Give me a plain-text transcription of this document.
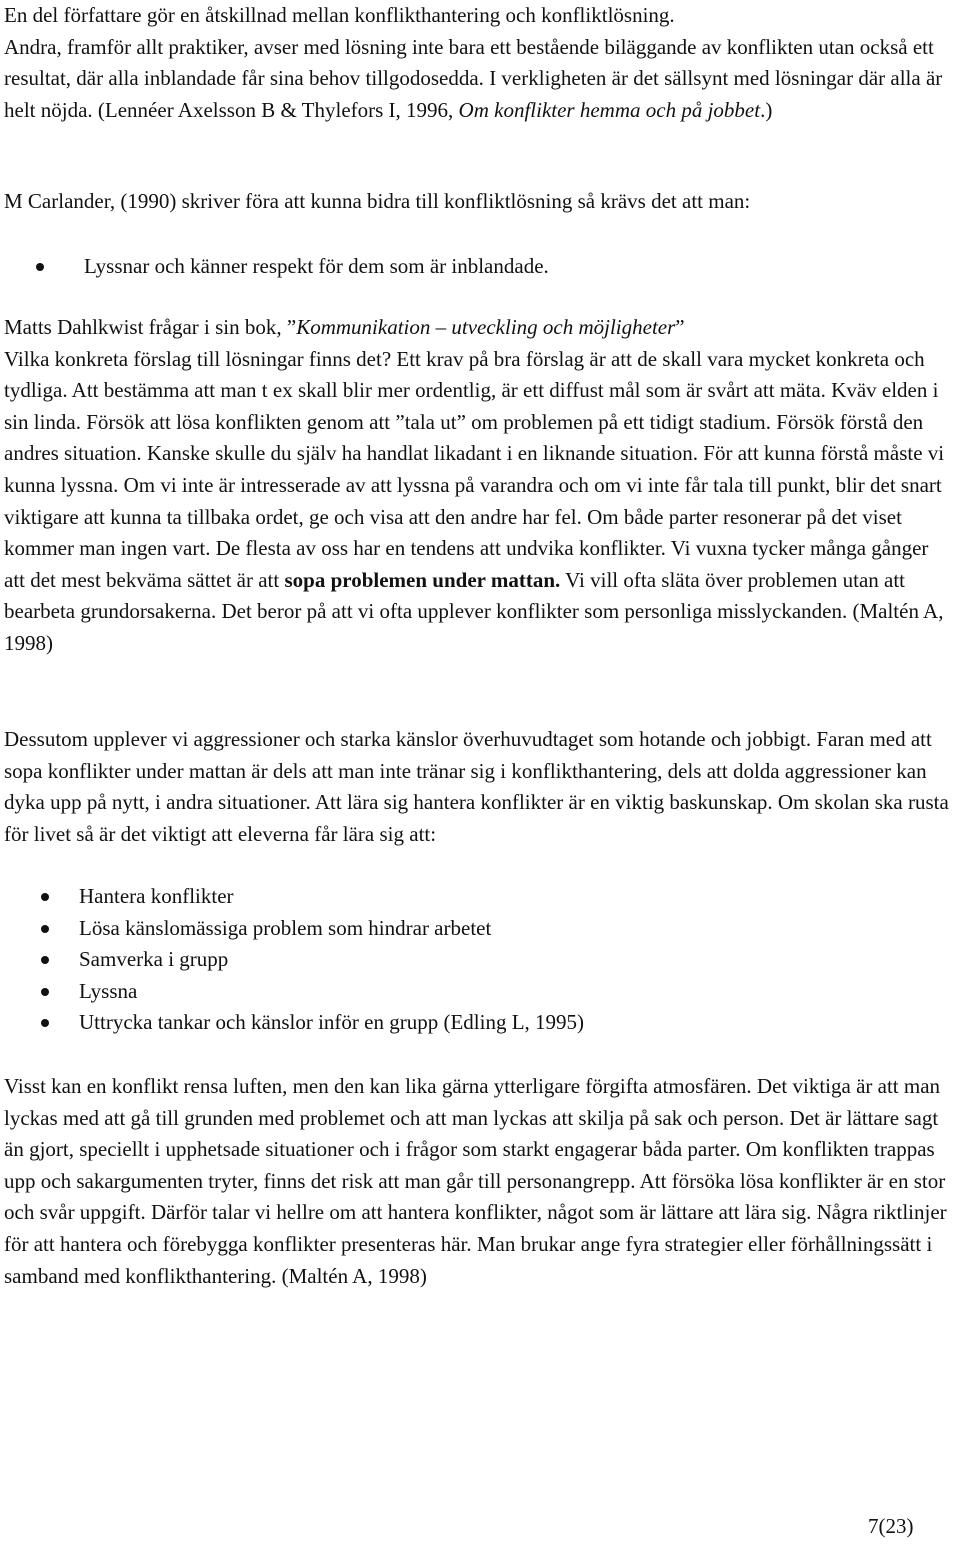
En del författare gör en åtskillnad mellan konflikthantering och konfliktlösning.
Andra, framför allt praktiker, avser med lösning inte bara ett bestående biläggande av konflikten utan också ett resultat, där alla inblandade får sina behov tillgodosedda. I verkligheten är det sällsynt med lösningar där alla är helt nöjda. (Lennéer Axelsson B & Thylefors I, 1996, Om konflikter hemma och på jobbet.)

M Carlander, (1990) skriver föra att kunna bidra till konfliktlösning så krävs det att man:

Lyssnar och känner respekt för dem som är inblandade.

Matts Dahlkwist frågar i sin bok, ”Kommunikation – utveckling och möjligheter”
Vilka konkreta förslag till lösningar finns det? Ett krav på bra förslag är att de skall vara mycket konkreta och tydliga. Att bestämma att man t ex skall blir mer ordentlig, är ett diffust mål som är svårt att mäta. Kväv elden i sin linda. Försök att lösa konflikten genom att ”tala ut” om problemen på ett tidigt stadium. Försök förstå den andres situation. Kanske skulle du själv ha handlat likadant i en liknande situation. För att kunna förstå måste vi kunna lyssna. Om vi inte är intresserade av att lyssna på varandra och om vi inte får tala till punkt, blir det snart viktigare att kunna ta tillbaka ordet, ge och visa att den andre har fel. Om både parter resonerar på det viset kommer man ingen vart. De flesta av oss har en tendens att undvika konflikter. Vi vuxna tycker många gånger att det mest bekväma sättet är att sopa problemen under mattan. Vi vill ofta släta över problemen utan att bearbeta grundorsakerna. Det beror på att vi ofta upplever konflikter som personliga misslyckanden. (Maltén A, 1998)

Dessutom upplever vi aggressioner och starka känslor överhuvudtaget som hotande och jobbigt. Faran med att sopa konflikter under mattan är dels att man inte tränar sig i konflikthantering, dels att dolda aggressioner kan dyka upp på nytt, i andra situationer. Att lära sig hantera konflikter är en viktig baskunskap. Om skolan ska rusta för livet så är det viktigt att eleverna får lära sig att:

Hantera konflikter
Lösa känslomässiga problem som hindrar arbetet
Samverka i grupp
Lyssna
Uttrycka tankar och känslor inför en grupp (Edling L, 1995)

Visst kan en konflikt rensa luften, men den kan lika gärna ytterligare förgifta atmosfären. Det viktiga är att man lyckas med att gå till grunden med problemet och att man lyckas att skilja på sak och person. Det är lättare sagt än gjort, speciellt i upphetsade situationer och i frågor som starkt engagerar båda parter. Om konflikten trappas upp och sakargumenten tryter, finns det risk att man går till personangrepp. Att försöka lösa konflikter är en stor och svår uppgift. Därför talar vi hellre om att hantera konflikter, något som är lättare att lära sig. Några riktlinjer för att hantera och förebygga konflikter presenteras här. Man brukar ange fyra strategier eller förhållningssätt i samband med konflikthantering. (Maltén A, 1998)

7(23)
